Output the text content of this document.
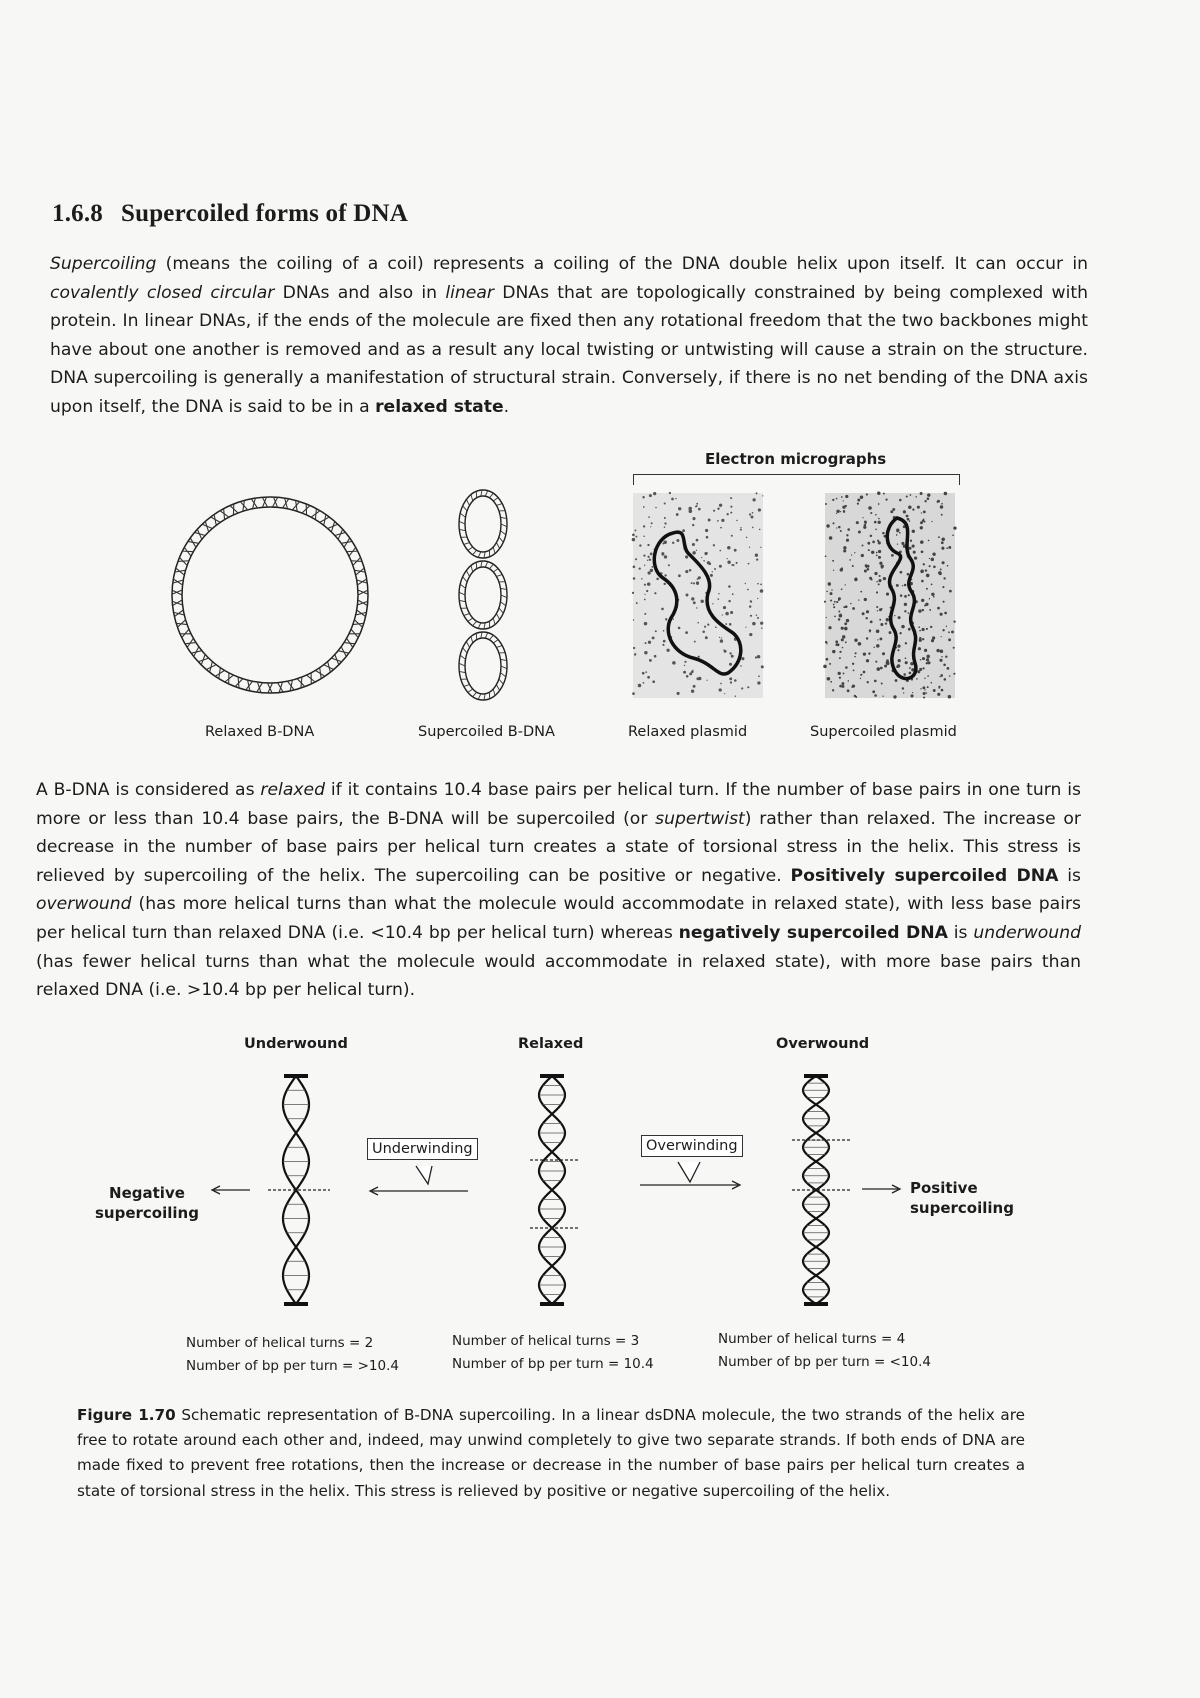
1.6.8 Supercoiled forms of DNA
Supercoiling (means the coiling of a coil) represents a coiling of the DNA double helix upon itself. It can occur in covalently closed circular DNAs and also in linear DNAs that are topologically constrained by being complexed with protein. In linear DNAs, if the ends of the molecule are fixed then any rotational freedom that the two backbones might have about one another is removed and as a result any local twisting or untwisting will cause a strain on the structure. DNA supercoiling is generally a manifestation of structural strain. Conversely, if there is no net bending of the DNA axis upon itself, the DNA is said to be in a relaxed state.
Electron micrographs
Relaxed B-DNA	Supercoiled B-DNA	Relaxed plasmid	Supercoiled plasmid
A B-DNA is considered as relaxed if it contains 10.4 base pairs per helical turn. If the number of base pairs in one turn is more or less than 10.4 base pairs, the B-DNA will be supercoiled (or supertwist) rather than relaxed. The increase or decrease in the number of base pairs per helical turn creates a state of torsional stress in the helix. This stress is relieved by supercoiling of the helix. The supercoiling can be positive or negative. Positively supercoiled DNA is overwound (has more helical turns than what the molecule would accommodate in relaxed state), with less base pairs per helical turn than relaxed DNA (i.e. <10.4 bp per helical turn) whereas negatively supercoiled DNA is underwound (has fewer helical turns than what the molecule would accommodate in relaxed state), with more base pairs than relaxed DNA (i.e. >10.4 bp per helical turn).
Underwound	Relaxed	Overwound
Negative
supercoiling
Positive
supercoiling
Underwinding	Overwinding
Number of helical turns = 2
Number of bp per turn = >10.4
Number of helical turns = 3
Number of bp per turn = 10.4
Number of helical turns = 4
Number of bp per turn = <10.4
Figure 1.70 Schematic representation of B-DNA supercoiling. In a linear dsDNA molecule, the two strands of the helix are free to rotate around each other and, indeed, may unwind completely to give two separate strands. If both ends of DNA are made fixed to prevent free rotations, then the increase or decrease in the number of base pairs per helical turn creates a state of torsional stress in the helix. This stress is relieved by positive or negative supercoiling of the helix.
